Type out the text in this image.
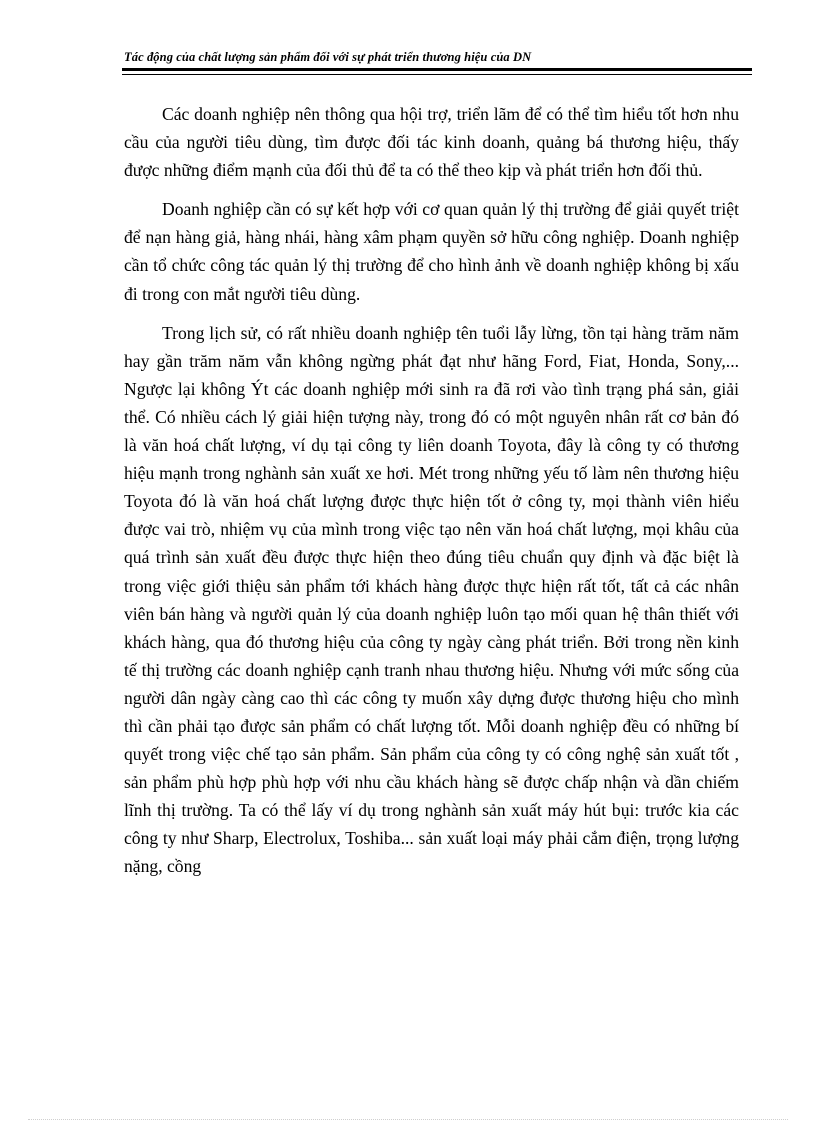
Tác động của chất lượng sản phẩm đối với sự phát triển thương hiệu của DN

Các doanh nghiệp nên thông qua hội trợ, triển lãm để có thể tìm hiểu tốt hơn nhu cầu của người tiêu dùng, tìm được đối tác kinh doanh, quảng bá thương hiệu, thấy được những điểm mạnh của đối thủ để ta có thể theo kịp và phát triển hơn đối thủ.

Doanh nghiệp cần có sự kết hợp với cơ quan quản lý thị trường để giải quyết triệt để nạn hàng giả, hàng nhái, hàng xâm phạm quyền sở hữu công nghiệp. Doanh nghiệp cần tổ chức công tác quản lý thị trường để cho hình ảnh về doanh nghiệp không bị xấu đi trong con mắt người tiêu dùng.

Trong lịch sử, có rất nhiều doanh nghiệp tên tuổi lẫy lừng, tồn tại hàng trăm năm hay gần trăm năm vẫn không ngừng phát đạt như hãng Ford, Fiat, Honda, Sony,... Ngược lại không Ýt các doanh nghiệp mới sinh ra đã rơi vào tình trạng phá sản, giải thể. Có nhiều cách lý giải hiện tượng này, trong đó có một nguyên nhân rất cơ bản đó là văn hoá chất lượng, ví dụ tại công ty liên doanh Toyota, đây là công ty có thương hiệu mạnh trong nghành sản xuất xe hơi. Mét trong những yếu tố làm nên thương hiệu Toyota đó là văn hoá chất lượng được thực hiện tốt ở công ty, mọi thành viên hiểu được vai trò, nhiệm vụ của mình trong việc tạo nên văn hoá chất lượng, mọi khâu của quá trình sản xuất đều được thực hiện theo đúng tiêu chuẩn quy định và đặc biệt là trong việc giới thiệu sản phẩm tới khách hàng được thực hiện rất tốt, tất cả các nhân viên bán hàng và người quản lý của doanh nghiệp luôn tạo mối quan hệ thân thiết với khách hàng, qua đó thương hiệu của công ty ngày càng phát triển. Bởi trong nền kinh tế thị trường các doanh nghiệp cạnh tranh nhau thương hiệu. Nhưng với mức sống của người dân ngày càng cao thì các công ty muốn xây dựng được thương hiệu cho mình thì cần phải tạo được sản phẩm có chất lượng tốt. Mỗi doanh nghiệp đều có những bí quyết trong việc chế tạo sản phẩm. Sản phẩm của công ty có công nghệ sản xuất tốt , sản phẩm phù hợp phù hợp với nhu cầu khách hàng sẽ được chấp nhận và dần chiếm lĩnh thị trường. Ta có thể lấy ví dụ trong nghành sản xuất máy hút bụi: trước kia các công ty như Sharp, Electrolux, Toshiba... sản xuất loại máy phải cắm điện, trọng lượng nặng, cồng
